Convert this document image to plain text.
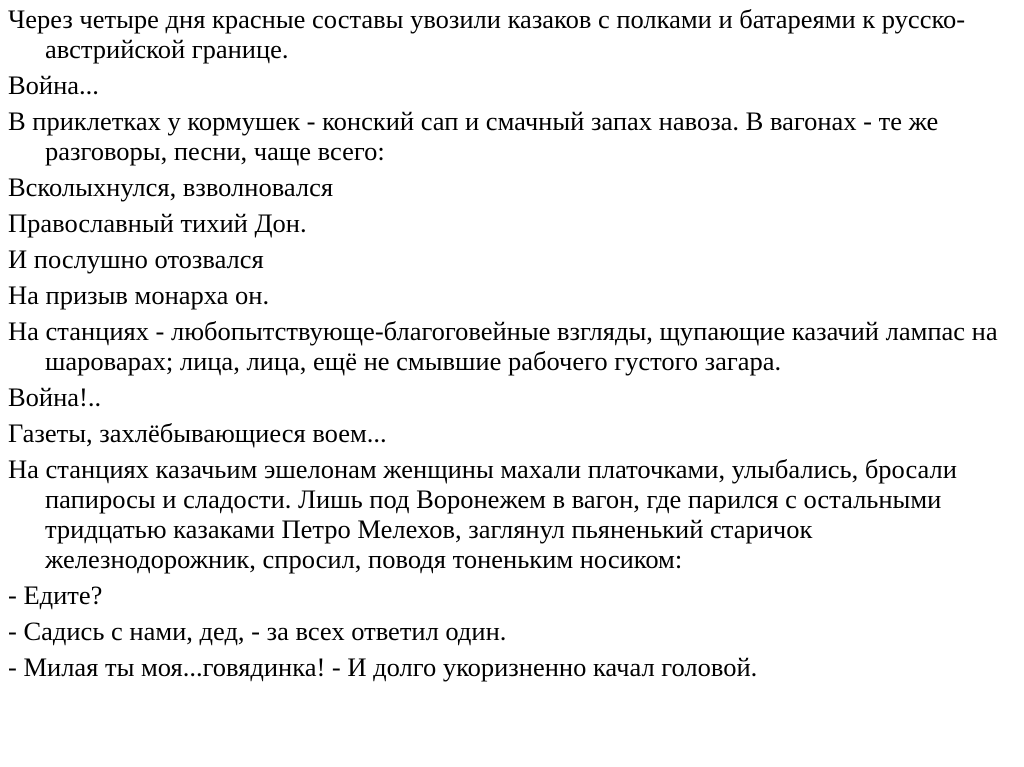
Через четыре дня красные составы увозили казаков с полками и батареями к русско-австрийской границе.

Война...

В приклетках у кормушек - конский сап и смачный запах навоза. В вагонах - те же разговоры, песни, чаще всего:

Всколыхнулся, взволновался

Православный тихий Дон.

И послушно отозвался

На призыв монарха он.

На станциях - любопытствующе-благоговейные взгляды, щупающие казачий лампас на шароварах; лица, лица, ещё не смывшие рабочего густого загара.

Война!..

Газеты, захлёбывающиеся воем...

На станциях казачьим эшелонам женщины махали платочками, улыбались, бросали папиросы и сладости. Лишь под Воронежем в вагон, где парился с остальными тридцатью казаками Петро Мелехов, заглянул пьяненький старичок железнодорожник, спросил, поводя тоненьким носиком:

- Едите?

- Садись с нами, дед, - за всех ответил один.

- Милая ты моя...говядинка! - И долго укоризненно качал головой.
